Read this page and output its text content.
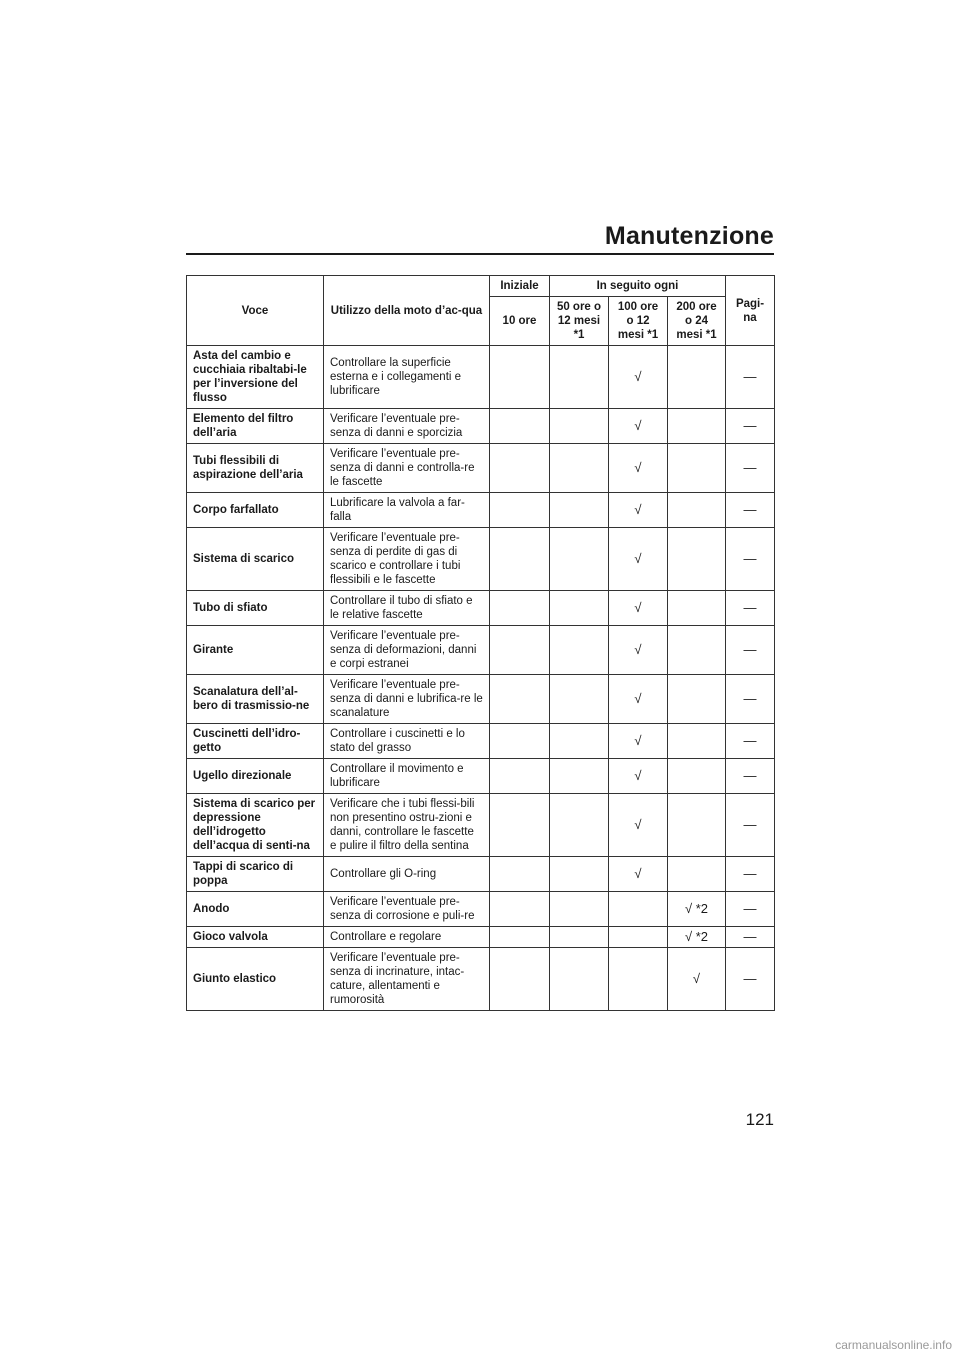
Manutenzione
Voce	Utilizzo della moto d’ac-qua	Iniziale	In seguito ogni			Pagi-na
		10 ore	50 ore o 12 mesi *1	100 ore o 12 mesi *1	200 ore o 24 mesi *1	
Asta del cambio e cucchiaia ribaltabi-le per l’inversione del flusso	Controllare la superficie esterna e i collegamenti e lubrificare			√		—
Elemento del filtro dell’aria	Verificare l’eventuale pre-senza di danni e sporcizia			√		—
Tubi flessibili di aspirazione dell’aria	Verificare l’eventuale pre-senza di danni e controlla-re le fascette			√		—
Corpo farfallato	Lubrificare la valvola a far-falla			√		—
Sistema di scarico	Verificare l’eventuale pre-senza di perdite di gas di scarico e controllare i tubi flessibili e le fascette			√		—
Tubo di sfiato	Controllare il tubo di sfiato e le relative fascette			√		—
Girante	Verificare l’eventuale pre-senza di deformazioni, danni e corpi estranei			√		—
Scanalatura dell’al-bero di trasmissio-ne	Verificare l’eventuale pre-senza di danni e lubrifica-re le scanalature			√		—
Cuscinetti dell’idro-getto	Controllare i cuscinetti e lo stato del grasso			√		—
Ugello direzionale	Controllare il movimento e lubrificare			√		—
Sistema di scarico per depressione dell’idrogetto dell’acqua di senti-na	Verificare che i tubi flessi-bili non presentino ostru-zioni e danni, controllare le fascette e pulire il filtro della sentina			√		—
Tappi di scarico di poppa	Controllare gli O-ring			√		—
Anodo	Verificare l’eventuale pre-senza di corrosione e puli-re				√ *2	—
Gioco valvola	Controllare e regolare				√ *2	—
Giunto elastico	Verificare l’eventuale pre-senza di incrinature, intac-cature, allentamenti e rumorosità				√	—
121
carmanualsonline.info
